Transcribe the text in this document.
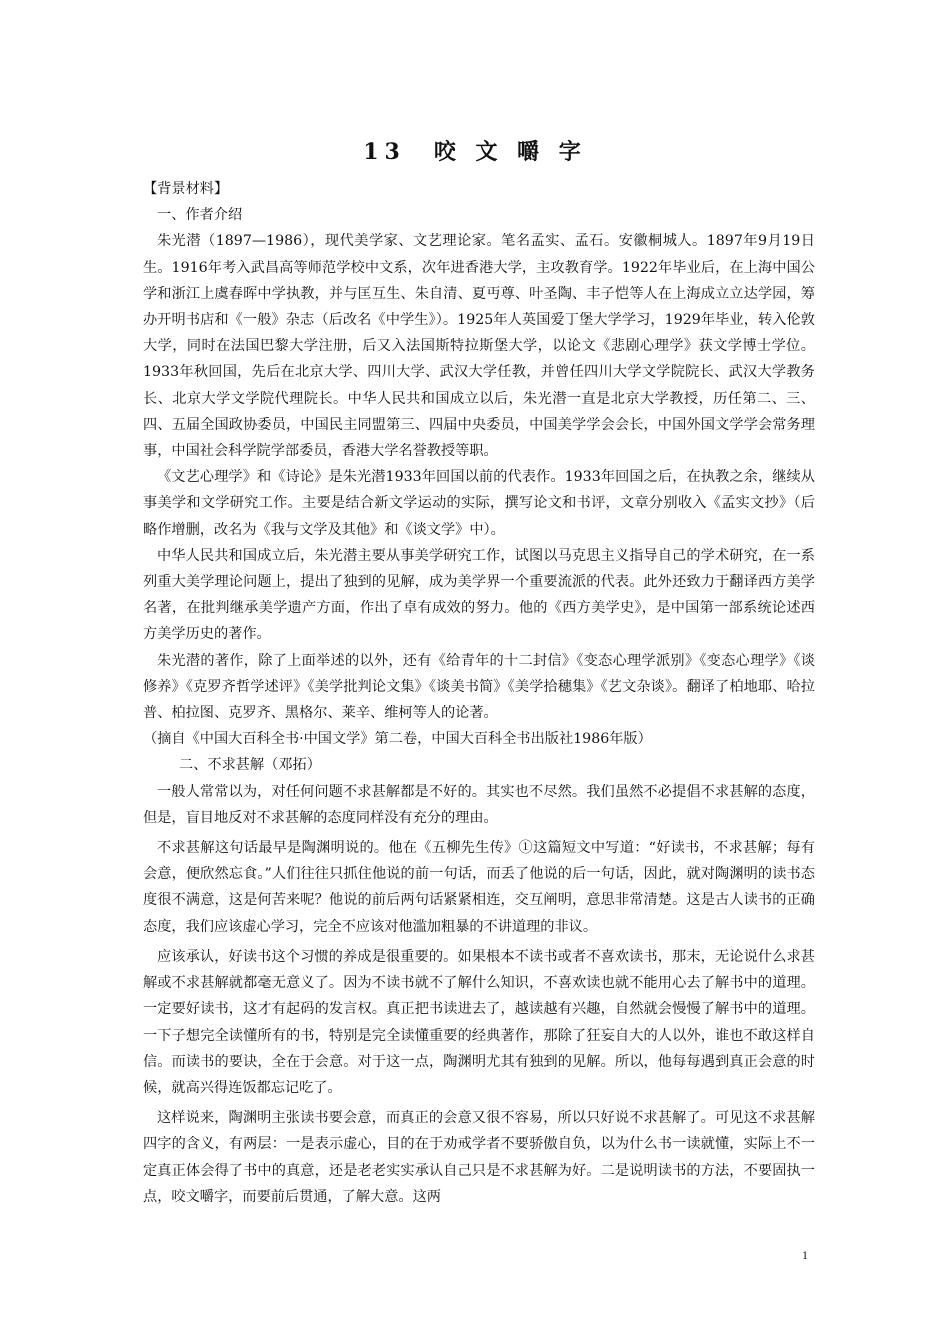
13　咬 文 嚼 字

【背景材料】

一、作者介绍

朱光潜（1897—1986），现代美学家、文艺理论家。笔名孟实、孟石。安徽桐城人。1897年9月19日生。1916年考入武昌高等师范学校中文系，次年进香港大学，主攻教育学。1922年毕业后，在上海中国公学和浙江上虞春晖中学执教，并与匡互生、朱自清、夏丏尊、叶圣陶、丰子恺等人在上海成立立达学园，筹办开明书店和《一般》杂志（后改名《中学生》）。1925年人英国爱丁堡大学学习，1929年毕业，转入伦敦大学，同时在法国巴黎大学注册，后又入法国斯特拉斯堡大学，以论文《悲剧心理学》获文学博士学位。1933年秋回国，先后在北京大学、四川大学、武汉大学任教，并曾任四川大学文学院院长、武汉大学教务长、北京大学文学院代理院长。中华人民共和国成立以后，朱光潜一直是北京大学教授，历任第二、三、四、五届全国政协委员，中国民主同盟第三、四届中央委员，中国美学学会会长，中国外国文学学会常务理事，中国社会科学院学部委员，香港大学名誉教授等职。

《文艺心理学》和《诗论》是朱光潜1933年回国以前的代表作。1933年回国之后，在执教之余，继续从事美学和文学研究工作。主要是结合新文学运动的实际，撰写论文和书评，文章分别收入《孟实文抄》（后略作增删，改名为《我与文学及其他》和《谈文学》中）。

中华人民共和国成立后，朱光潜主要从事美学研究工作，试图以马克思主义指导自己的学术研究，在一系列重大美学理论问题上，提出了独到的见解，成为美学界一个重要流派的代表。此外还致力于翻译西方美学名著，在批判继承美学遗产方面，作出了卓有成效的努力。他的《西方美学史》，是中国第一部系统论述西方美学历史的著作。

朱光潜的著作，除了上面举述的以外，还有《给青年的十二封信》《变态心理学派别》《变态心理学》《谈修养》《克罗齐哲学述评》《美学批判论文集》《谈美书简》《美学拾穗集》《艺文杂谈》。翻译了柏地耶、哈拉普、柏拉图、克罗齐、黑格尔、莱辛、维柯等人的论著。

（摘自《中国大百科全书·中国文学》第二卷，中国大百科全书出版社1986年版）

二、不求甚解（邓拓）

一般人常常以为，对任何问题不求甚解都是不好的。其实也不尽然。我们虽然不必提倡不求甚解的态度，但是，盲目地反对不求甚解的态度同样没有充分的理由。

不求甚解这句话最早是陶渊明说的。他在《五柳先生传》①这篇短文中写道：“好读书，不求甚解；每有会意，便欣然忘食。”人们往往只抓住他说的前一句话，而丢了他说的后一句话，因此，就对陶渊明的读书态度很不满意，这是何苦来呢？他说的前后两句话紧紧相连，交互阐明，意思非常清楚。这是古人读书的正确态度，我们应该虚心学习，完全不应该对他滥加粗暴的不讲道理的非议。

应该承认，好读书这个习惯的养成是很重要的。如果根本不读书或者不喜欢读书，那末，无论说什么求甚解或不求甚解就都毫无意义了。因为不读书就不了解什么知识，不喜欢读也就不能用心去了解书中的道理。一定要好读书，这才有起码的发言权。真正把书读进去了，越读越有兴趣，自然就会慢慢了解书中的道理。一下子想完全读懂所有的书，特别是完全读懂重要的经典著作，那除了狂妄自大的人以外，谁也不敢这样自信。而读书的要诀，全在于会意。对于这一点，陶渊明尤其有独到的见解。所以，他每每遇到真正会意的时候，就高兴得连饭都忘记吃了。

这样说来，陶渊明主张读书要会意，而真正的会意又很不容易，所以只好说不求甚解了。可见这不求甚解四字的含义，有两层：一是表示虚心，目的在于劝戒学者不要骄傲自负，以为什么书一读就懂，实际上不一定真正体会得了书中的真意，还是老老实实承认自己只是不求甚解为好。二是说明读书的方法，不要固执一点，咬文嚼字，而要前后贯通，了解大意。这两

1
